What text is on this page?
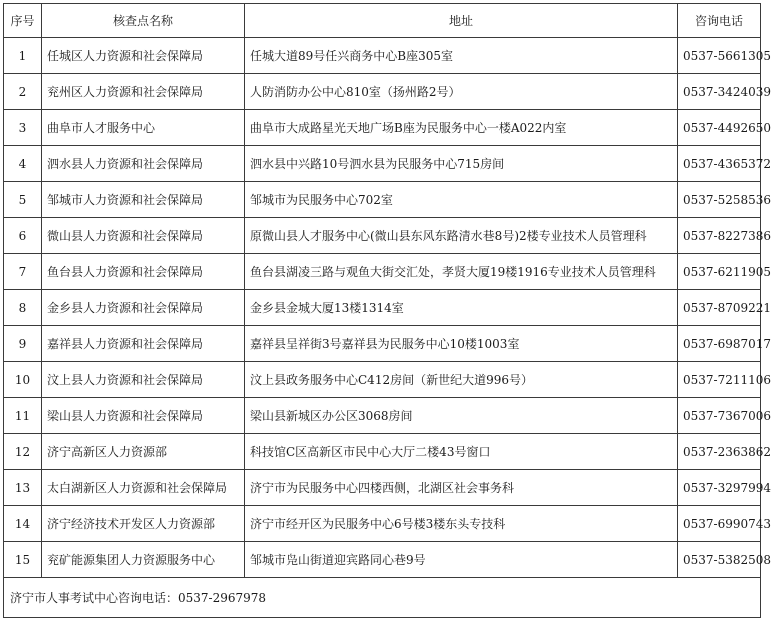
序号	核查点名称	地址	咨询电话
1	任城区人力资源和社会保障局	任城大道89号任兴商务中心B座305室	0537-5661305
2	兖州区人力资源和社会保障局	人防消防办公中心810室（扬州路2号）	0537-3424039
3	曲阜市人才服务中心	曲阜市大成路星光天地广场B座为民服务中心一楼A022内室	0537-4492650
4	泗水县人力资源和社会保障局	泗水县中兴路10号泗水县为民服务中心715房间	0537-4365372
5	邹城市人力资源和社会保障局	邹城市为民服务中心702室	0537-5258536
6	微山县人力资源和社会保障局	原微山县人才服务中心(微山县东风东路清水巷8号)2楼专业技术人员管理科	0537-8227386
7	鱼台县人力资源和社会保障局	鱼台县湖凌三路与观鱼大街交汇处，孝贤大厦19楼1916专业技术人员管理科	0537-6211905
8	金乡县人力资源和社会保障局	金乡县金城大厦13楼1314室	0537-8709221
9	嘉祥县人力资源和社会保障局	嘉祥县呈祥街3号嘉祥县为民服务中心10楼1003室	0537-6987017
10	汶上县人力资源和社会保障局	汶上县政务服务中心C412房间（新世纪大道996号）	0537-7211106
11	梁山县人力资源和社会保障局	梁山县新城区办公区3068房间	0537-7367006
12	济宁高新区人力资源部	科技馆C区高新区市民中心大厅二楼43号窗口	0537-2363862
13	太白湖新区人力资源和社会保障局	济宁市为民服务中心四楼西侧，北湖区社会事务科	0537-3297994
14	济宁经济技术开发区人力资源部	济宁市经开区为民服务中心6号楼3楼东头专技科	0537-6990743
15	兖矿能源集团人力资源服务中心	邹城市凫山街道迎宾路同心巷9号	0537-5382508
济宁市人事考试中心咨询电话：0537-2967978			
